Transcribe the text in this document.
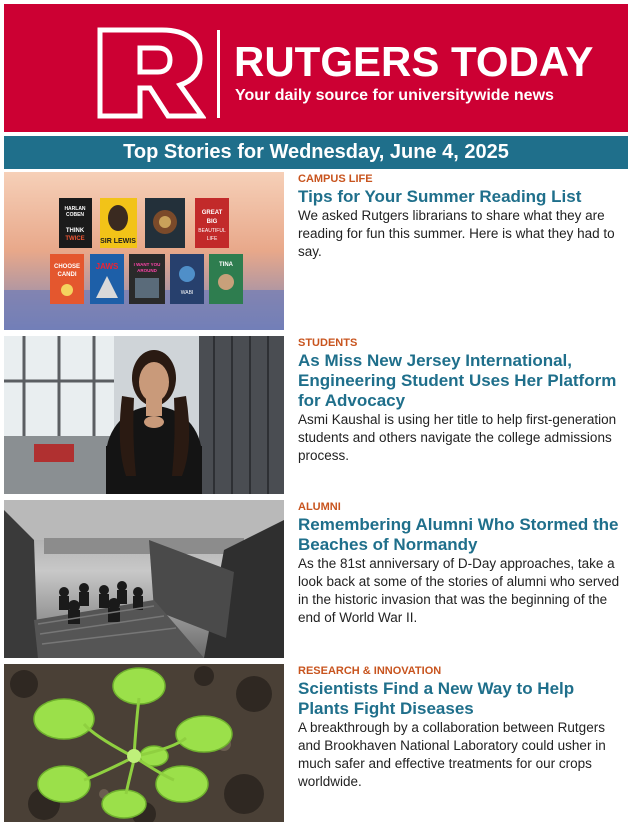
RUTGERS TODAY
Your daily source for universitywide news
Top Stories for Wednesday, June 4, 2025
HARLAN
COBEN
THINK
TWICE SIR LEWIS
GREAT
BIG
BEAUTIFUL
LIFE
CHOOSE
CANDI
JAWS	I WANT YOU
AROUND
WABI
TINA
CAMPUS LIFE
Tips for Your Summer Reading List
We asked Rutgers librarians to share what they are reading for fun this summer. Here is what they had to say.
STUDENTS
As Miss New Jersey International, Engineering Student Uses Her Platform for Advocacy
Asmi Kaushal is using her title to help first-generation students and others navigate the college admissions process.
ALUMNI
Remembering Alumni Who Stormed the Beaches of Normandy
As the 81st anniversary of D-Day approaches, take a look back at some of the stories of alumni who served in the historic invasion that was the beginning of the end of World War II.
RESEARCH & INNOVATION
Scientists Find a New Way to Help Plants Fight Diseases
A breakthrough by a collaboration between Rutgers and Brookhaven National Laboratory could usher in much safer and effective treatments for our crops worldwide.
